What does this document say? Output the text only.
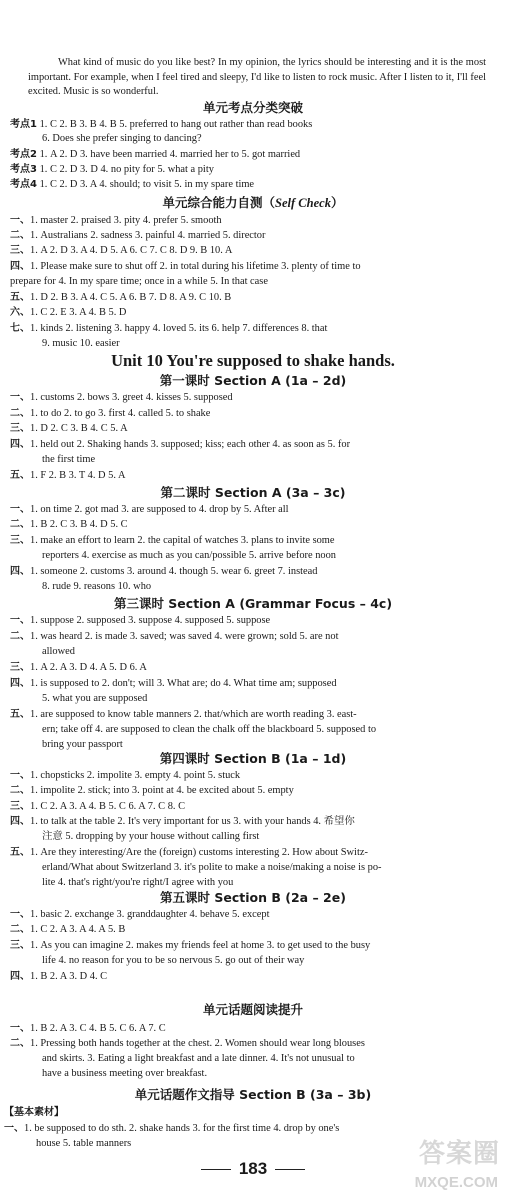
What kind of music do you like best? In my opinion, the lyrics should be interesting and it is the most important. For example, when I feel tired and sleepy, I'd like to listen to rock music. After I listen to it, I'll feel excited. Music is so wonderful.
单元考点分类突破
考点1 1. C 2. B 3. B 4. B 5. preferred to hang out rather than read books
6. Does she prefer singing to dancing?
考点2 1. A 2. D 3. have been married 4. married her to 5. got married
考点3 1. C 2. D 3. D 4. no pity for 5. what a pity
考点4 1. C 2. D 3. A 4. should; to visit 5. in my spare time
单元综合能力自测（Self Check）
一、1. master 2. praised 3. pity 4. prefer 5. smooth
二、1. Australians 2. sadness 3. painful 4. married 5. director
三、1. A 2. D 3. A 4. D 5. A 6. C 7. C 8. D 9. B 10. A
四、1. Please make sure to shut off 2. in total during his lifetime 3. plenty of time to
prepare for 4. In my spare time; once in a while 5. In that case
五、1. D 2. B 3. A 4. C 5. A 6. B 7. D 8. A 9. C 10. B
六、1. C 2. E 3. A 4. B 5. D
七、1. kinds 2. listening 3. happy 4. loved 5. its 6. help 7. differences 8. that
9. music 10. easier
Unit 10 You're supposed to shake hands.
第一课时 Section A (1a – 2d)
一、1. customs 2. bows 3. greet 4. kisses 5. supposed
二、1. to do 2. to go 3. first 4. called 5. to shake
三、1. D 2. C 3. B 4. C 5. A
四、1. held out 2. Shaking hands 3. supposed; kiss; each other 4. as soon as 5. for
the first time
五、1. F 2. B 3. T 4. D 5. A
第二课时 Section A (3a – 3c)
一、1. on time 2. got mad 3. are supposed to 4. drop by 5. After all
二、1. B 2. C 3. B 4. D 5. C
三、1. make an effort to learn 2. the capital of watches 3. plans to invite some
reporters 4. exercise as much as you can/possible 5. arrive before noon
四、1. someone 2. customs 3. around 4. though 5. wear 6. greet 7. instead
8. rude 9. reasons 10. who
第三课时 Section A (Grammar Focus – 4c)
一、1. suppose 2. supposed 3. suppose 4. supposed 5. suppose
二、1. was heard 2. is made 3. saved; was saved 4. were grown; sold 5. are not
allowed
三、1. A 2. A 3. D 4. A 5. D 6. A
四、1. is supposed to 2. don't; will 3. What are; do 4. What time am; supposed
5. what you are supposed
五、1. are supposed to know table manners 2. that/which are worth reading 3. east-
ern; take off 4. are supposed to clean the chalk off the blackboard 5. supposed to
bring your passport
第四课时 Section B (1a – 1d)
一、1. chopsticks 2. impolite 3. empty 4. point 5. stuck
二、1. impolite 2. stick; into 3. point at 4. be excited about 5. empty
三、1. C 2. A 3. A 4. B 5. C 6. A 7. C 8. C
四、1. to talk at the table 2. It's very important for us 3. with your hands 4. 希望你
注意 5. dropping by your house without calling first
五、1. Are they interesting/Are the (foreign) customs interesting 2. How about Switz-
erland/What about Switzerland 3. it's polite to make a noise/making a noise is po-
lite 4. that's right/you're right/I agree with you
第五课时 Section B (2a – 2e)
一、1. basic 2. exchange 3. granddaughter 4. behave 5. except
二、1. C 2. A 3. A 4. A 5. B
三、1. As you can imagine 2. makes my friends feel at home 3. to get used to the busy
life 4. no reason for you to be so nervous 5. go out of their way
四、1. B 2. A 3. D 4. C
单元话题阅读提升
一、1. B 2. A 3. C 4. B 5. C 6. A 7. C
二、1. Pressing both hands together at the chest. 2. Women should wear long blouses
and skirts. 3. Eating a light breakfast and a late dinner. 4. It's not unusual to
have a business meeting over breakfast.
单元话题作文指导 Section B (3a – 3b)
【基本素材】
一、1. be supposed to do sth. 2. shake hands 3. for the first time 4. drop by one's
house 5. table manners
183
答案圈
MXQE.COM
